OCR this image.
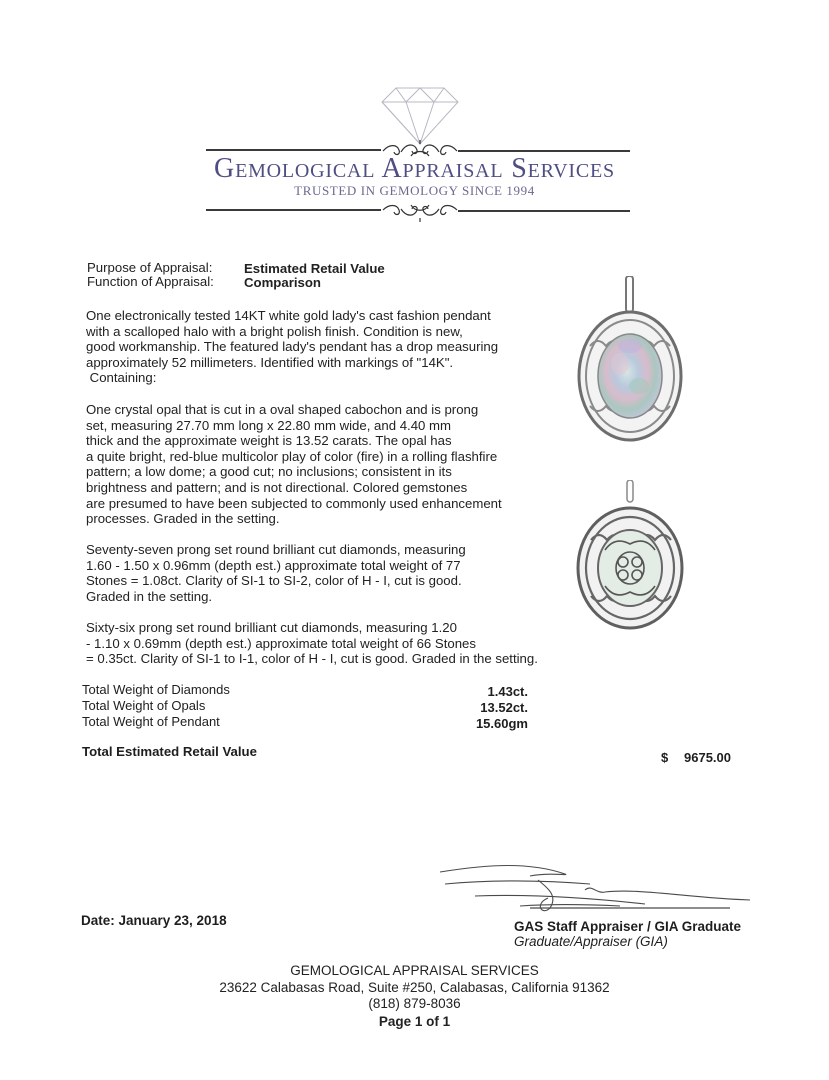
Gemological Appraisal Services
TRUSTED IN GEMOLOGY SINCE 1994
Purpose of Appraisal: Estimated Retail Value
Function of Appraisal: Comparison

One electronically tested 14KT white gold lady's cast fashion pendant

with a scalloped halo with a bright polish finish. Condition is new,

good workmanship. The featured lady's pendant has a drop measuring

approximately 52 millimeters. Identified with markings of "14K".

Containing:

One crystal opal that is cut in a oval shaped cabochon and is prong

set, measuring 27.70 mm long x 22.80 mm wide, and 4.40 mm

thick and the approximate weight is 13.52 carats. The opal has

a quite bright, red-blue multicolor play of color (fire) in a rolling flashfire

pattern; a low dome; a good cut; no inclusions; consistent in its

brightness and pattern; and is not directional. Colored gemstones

are presumed to have been subjected to commonly used enhancement

processes. Graded in the setting.

Seventy-seven prong set round brilliant cut diamonds, measuring

1.60 - 1.50 x 0.96mm (depth est.) approximate total weight of 77

Stones = 1.08ct. Clarity of SI-1 to SI-2, color of H - I, cut is good.

Graded in the setting.

Sixty-six prong set round brilliant cut diamonds, measuring 1.20

- 1.10 x 0.69mm (depth est.) approximate total weight of 66 Stones

= 0.35ct. Clarity of SI-1 to I-1, color of H - I, cut is good. Graded in the setting.

Total Weight of Diamonds	1.43ct.
Total Weight of Opals	13.52ct.
Total Weight of Pendant	15.60gm
Total Estimated Retail Value	$ 9675.00
Date: January 23, 2018	GAS Staff Appraiser / GIA Graduate
Graduate/Appraiser (GIA)
GEMOLOGICAL APPRAISAL SERVICES
23622 Calabasas Road, Suite #250, Calabasas, California 91362
(818) 879-8036
Page 1 of 1
